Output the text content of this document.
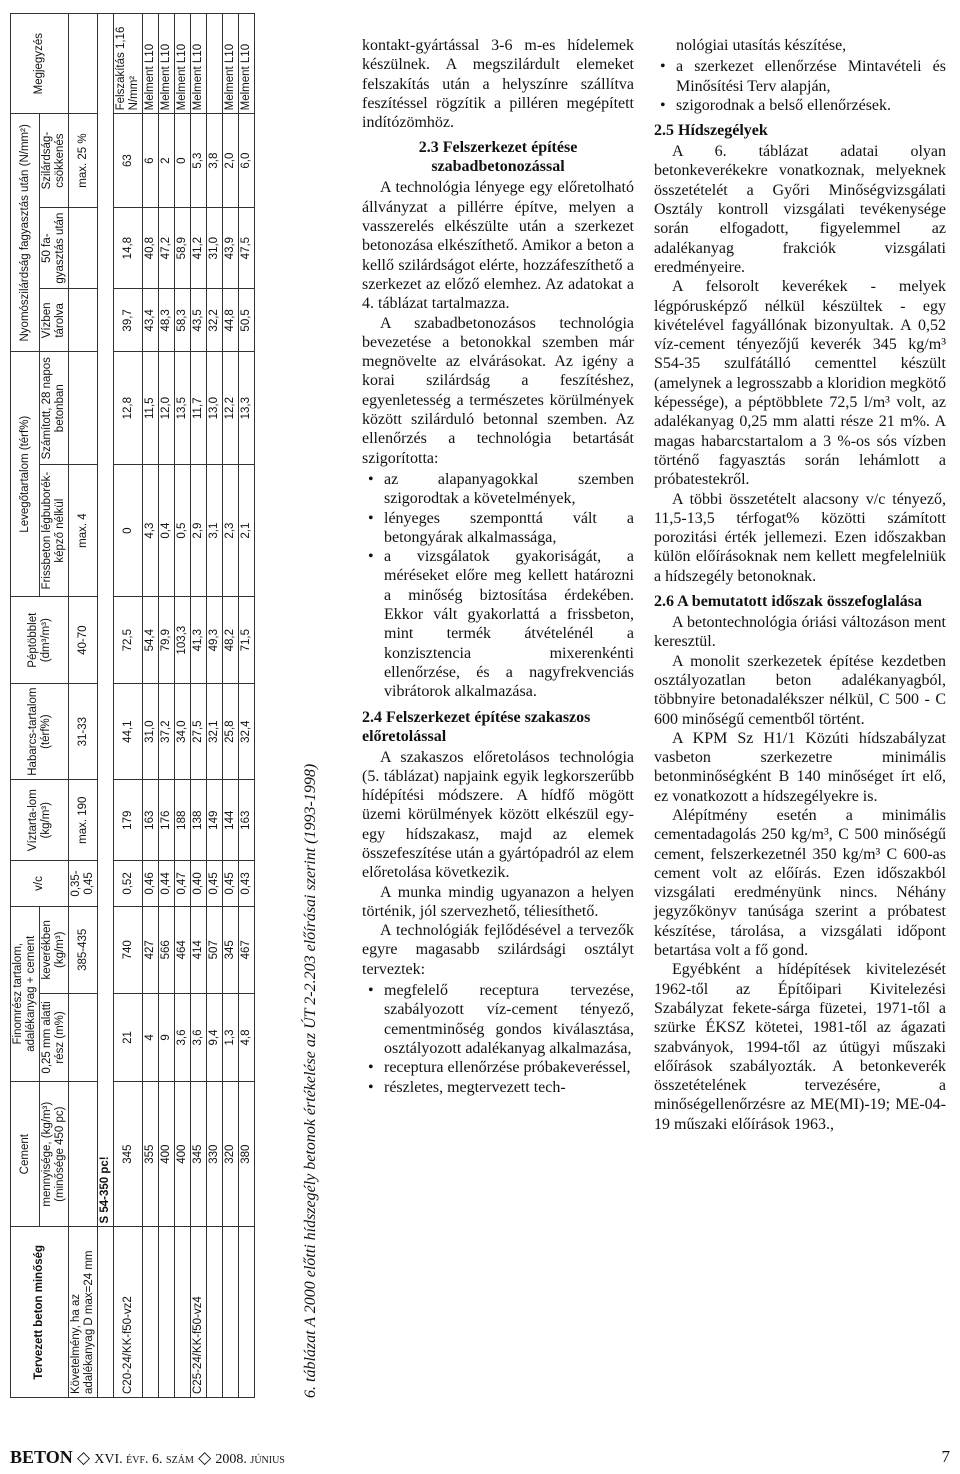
Tervezett beton minőség	Cement	Finomrész tartalom, adalékanyag + cement		v/c	Víztarta-lom (kg/m³)	Habarcs-tartalom (térf%)	Péptöbblet (dm³/m³)	Levegőtartalom (térf%)		Nyomószilárdság fagyasztás után (N/mm²)			Megjegyzés
	mennyisége, (kg/m³) (minősége 450 pc)	0,25 mm alatti rész (m%)	keverékben (kg/m³)					Frissbeton légbuborék-képző nélkül	Számított, 28 napos betonban	Vízben tárolva	50 fa-gyasztás után	Szilárdság-csökkenés	
Követelmény, ha az adalékanyag D max=24 mm			385-435	0,35-0,45	max. 190	31-33	40-70	max. 4				max. 25 %	
	S 54-350 pc!												
C20-24/KK-f50-vz2	345	21	740	0,52	179	44,1	72,5	0	12,8	39,7	14,8	63	Felszakítás 1,16 N/mm²
	355	4	427	0,46	163	31,0	54,4	4,3	11,5	43,4	40,8	6	Melment L10
	400	9	566	0,44	176	37,2	79,9	0,4	12,0	48,3	47,2	2	Melment L10
	400	3,6	464	0,47	188	34,0	103,3	0,5	13,5	58,3	58,9	0	Melment L10
C25-24/KK-f50-vz4	345	3,6	414	0,40	138	27,5	41,3	2,9	11,7	43,5	41,2	5,3	Melment L10
	330	9,4	507	0,45	149	32,1	49,3	3,1	13,0	32,2	31,0	3,8	
	320	1,3	345	0,45	144	25,8	48,2	2,3	12,2	44,8	43,9	2,0	Melment L10
	380	4,8	467	0,43	163	32,4	71,5	2,1	13,3	50,5	47,5	6,0	Melment L10
6. táblázat A 2000 előtti hídszegély betonok értékelése az ÚT 2-2.203 előírásai szerint (1993-1998)

kontakt-gyártással 3-6 m-es hídelemek készülnek. A megszilárdult elemeket felszakítás után a helyszínre szállítva feszítéssel rögzítik a pilléren megépített indítózömhöz.

2.3 Felszerkezet építése szabadbetonozással

A technológia lényege egy előretolható állványzat a pillérre építve, melyen a vasszerelés elkészülte után a szerkezet betonozása elkészíthető. Amikor a beton a kellő szilárdságot elérte, hozzáfeszíthető a szerkezet az előző elemhez. Az adatokat a 4. táblázat tartalmazza.

A szabadbetonozásos technológia bevezetése a betonokkal szemben már megnövelte az elvárásokat. Az igény a korai szilárdság a feszítéshez, egyenletesség a természetes körülmények között szilárduló betonnal szemben. Az ellenőrzés a technológia betartását szigorította:

• az alapanyagokkal szemben szigorodtak a követelmények,
• lényeges szemponttá vált a betongyárak alkalmassága,
• a vizsgálatok gyakoriságát, a méréseket előre meg kellett határozni a minőség biztosítása érdekében. Ekkor vált gyakorlattá a frissbeton, mint termék átvételénél a konzisztencia mixerenkénti ellenőrzése, és a nagyfrekvenciás vibrátorok alkalmazása.
2.4 Felszerkezet építése szakaszos előretolással

A szakaszos előretolásos technológia (5. táblázat) napjaink egyik legkorszerűbb hídépítési módszere. A hídfő mögött üzemi körülmények között elkészül egy-egy hídszakasz, majd az elemek összefeszítése után a gyártópadról az elem előretolása következik.

A munka mindig ugyanazon a helyen történik, jól szervezhető, téliesíthető.

A technológiák fejlődésével a tervezők egyre magasabb szilárdsági osztályt terveztek:

• megfelelő receptura tervezése, szabályozott víz-cement tényező, cementminőség gondos kiválasztása, osztályozott adalékanyag alkalmazása,
• receptura ellenőrzése próbakeveréssel,
• részletes, megtervezett tech-

nológiai utasítás készítése,

• a szerkezet ellenőrzése Mintavételi és Minősítési Terv alapján,
• szigorodnak a belső ellenőrzések.
2.5 Hídszegélyek

A 6. táblázat adatai olyan betonkeverékekre vonatkoznak, melyeknek összetételét a Győri Minőségvizsgálati Osztály kontroll vizsgálati tevékenysége során elfogadott, figyelemmel az adalékanyag frakciók vizsgálati eredményeire.

A felsorolt keverékek - melyek légpórusképző nélkül készültek - egy kivételével fagyállónak bizonyultak. A 0,52 víz-cement tényezőjű keverék 345 kg/m³ S54-35 szulfátálló cementtel készült (amelynek a legrosszabb a kloridion megkötő képessége), a péptöbblete 72,5 l/m³ volt, az adalékanyag 0,25 mm alatti része 21 m%. A magas habarcstartalom a 3 %-os sós vízben történő fagyasztás során lehámlott a próbatestekről.

A többi összetételt alacsony v/c tényező, 11,5-13,5 térfogat% közötti számított porozitási érték jellemezi. Ezen időszakban külön előírásoknak nem kellett megfelelniük a hídszegély betonoknak.

2.6 A bemutatott időszak összefoglalása

A betontechnológia óriási változáson ment keresztül.

A monolit szerkezetek építése kezdetben osztályozatlan beton adalékanyagból, többnyire betonadalékszer nélkül, C 500 - C 600 minőségű cementből történt.

A KPM Sz H1/1 Közúti hídszabályzat vasbeton szerkezetre minimális betonminőségként B 140 minőséget írt elő, ez vonatkozott a hídszegélyekre is.

Alépítmény esetén a minimális cementadagolás 250 kg/m³, C 500 minőségű cement, felszerkezetnél 350 kg/m³ C 600-as cement volt az előírás. Ezen időszakból vizsgálati eredményünk nincs. Néhány jegyzőkönyv tanúsága szerint a próbatest készítése, tárolása, a vizsgálati időpont betartása volt a fő gond.

Egyébként a hídépítések kivitelezését 1962-től az Építőipari Kivitelezési Szabályzat fekete-sárga füzetei, 1971-től a szürke ÉKSZ kötetei, 1981-től az ágazati szabványok, 1994-től az útügyi műszaki előírások szabályozták. A betonkeverék összetételének tervezésére, a minőségellenőrzésre az ME(MI)-19; ME-04-19 műszaki előírások 1963.,

BETON ◇ XVI. évf. 6. szám ◇ 2008. június	7
